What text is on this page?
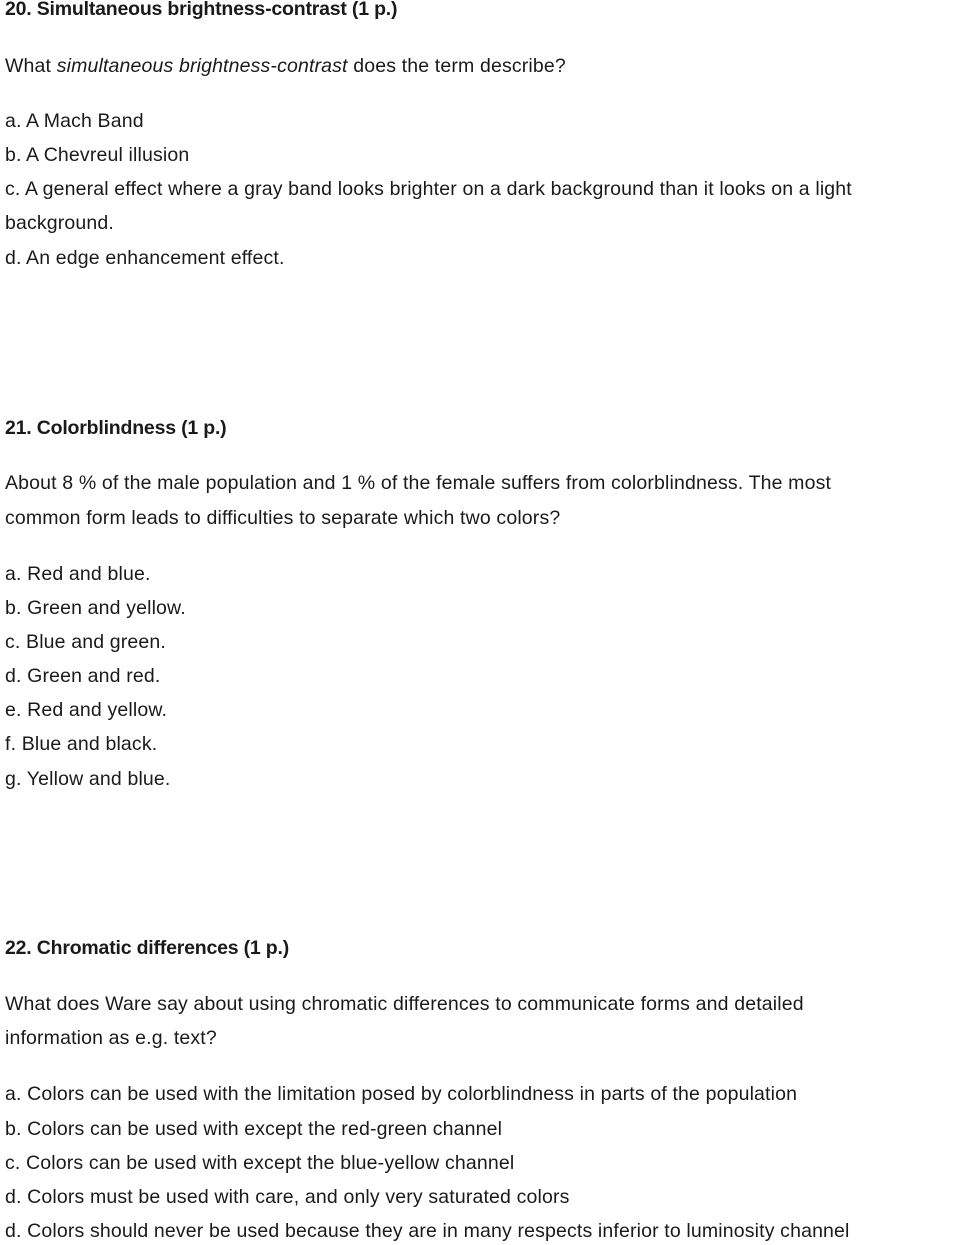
20. Simultaneous brightness-contrast (1 p.)

What simultaneous brightness-contrast does the term describe?

a. A Mach Band

b. A Chevreul illusion

c. A general effect where a gray band looks brighter on a dark background than it looks on a light

background.

d. An edge enhancement effect.

21. Colorblindness (1 p.)

About 8 % of the male population and 1 % of the female suffers from colorblindness. The most

common form leads to difficulties to separate which two colors?

a. Red and blue.

b. Green and yellow.

c. Blue and green.

d. Green and red.

e. Red and yellow.

f. Blue and black.

g. Yellow and blue.

22. Chromatic differences (1 p.)

What does Ware say about using chromatic differences to communicate forms and detailed

information as e.g. text?

a. Colors can be used with the limitation posed by colorblindness in parts of the population

b. Colors can be used with except the red-green channel

c. Colors can be used with except the blue-yellow channel

d. Colors must be used with care, and only very saturated colors

d. Colors should never be used because they are in many respects inferior to luminosity channel
